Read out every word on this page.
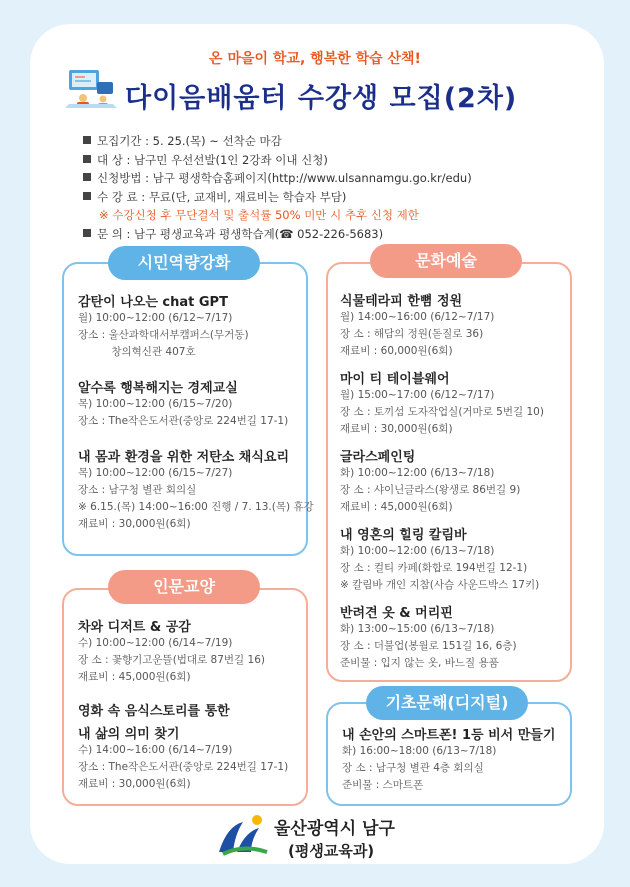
온 마을이 학교, 행복한 학습 산책!
다이음배움터 수강생 모집(2차)
모집기간 : 5. 25.(목) ~ 선착순 마감
대 상 : 남구민 우선선발(1인 2강좌 이내 신청)
신청방법 : 남구 평생학습홈페이지(http://www.ulsannamgu.go.kr/edu)
수 강 료 : 무료(단, 교재비, 재료비는 학습자 부담)
※ 수강신청 후 무단결석 및 출석률 50% 미만 시 추후 신청 제한
문 의 : 남구 평생교육과 평생학습계(☎ 052-226-5683)
시민역량강화
감탄이 나오는 chat GPT
월) 10:00~12:00 (6/12~7/17)
장소 : 울산과학대서부캠퍼스(무거동)
창의혁신관 407호
알수록 행복해지는 경제교실
목) 10:00~12:00 (6/15~7/20)
장소 : The작은도서관(중앙로 224번길 17-1)
내 몸과 환경을 위한 저탄소 채식요리
목) 10:00~12:00 (6/15~7/27)
장소 : 남구청 별관 회의실
※ 6.15.(목) 14:00~16:00 진행 / 7. 13.(목) 휴강
재료비 : 30,000원(6회)
인문교양
차와 디저트 & 공감
수) 10:00~12:00 (6/14~7/19)
장 소 : 꽃향기고운뜰(법대로 87번길 16)
재료비 : 45,000원(6회)
영화 속 음식스토리를 통한
내 삶의 의미 찾기
수) 14:00~16:00 (6/14~7/19)
장소 : The작은도서관(중앙로 224번길 17-1)
재료비 : 30,000원(6회)
문화예술
식물테라피 한뼘 정원
월) 14:00~16:00 (6/12~7/17)
장 소 : 해담의 정원(돋질로 36)
재료비 : 60,000원(6회)
마이 티 테이블웨어
월) 15:00~17:00 (6/12~7/17)
장 소 : 토끼섬 도자작업실(거마로 5번길 10)
재료비 : 30,000원(6회)
글라스페인팅
화) 10:00~12:00 (6/13~7/18)
장 소 : 샤이닌글라스(왕생로 86번길 9)
재료비 : 45,000원(6회)
내 영혼의 힐링 칼림바
화) 10:00~12:00 (6/13~7/18)
장 소 : 컬티 카페(화합로 194번길 12-1)
※ 칼림바 개인 지참(사슴 사운드박스 17키)
반려견 옷 & 머리핀
화) 13:00~15:00 (6/13~7/18)
장 소 : 더불업(봉월로 151길 16, 6층)
준비물 : 입지 않는 옷, 바느질 용품
기초문해(디지털)
내 손안의 스마트폰! 1등 비서 만들기
화) 16:00~18:00 (6/13~7/18)
장 소 : 남구청 별관 4층 회의실
준비물 : 스마트폰
울산광역시 남구
(평생교육과)
